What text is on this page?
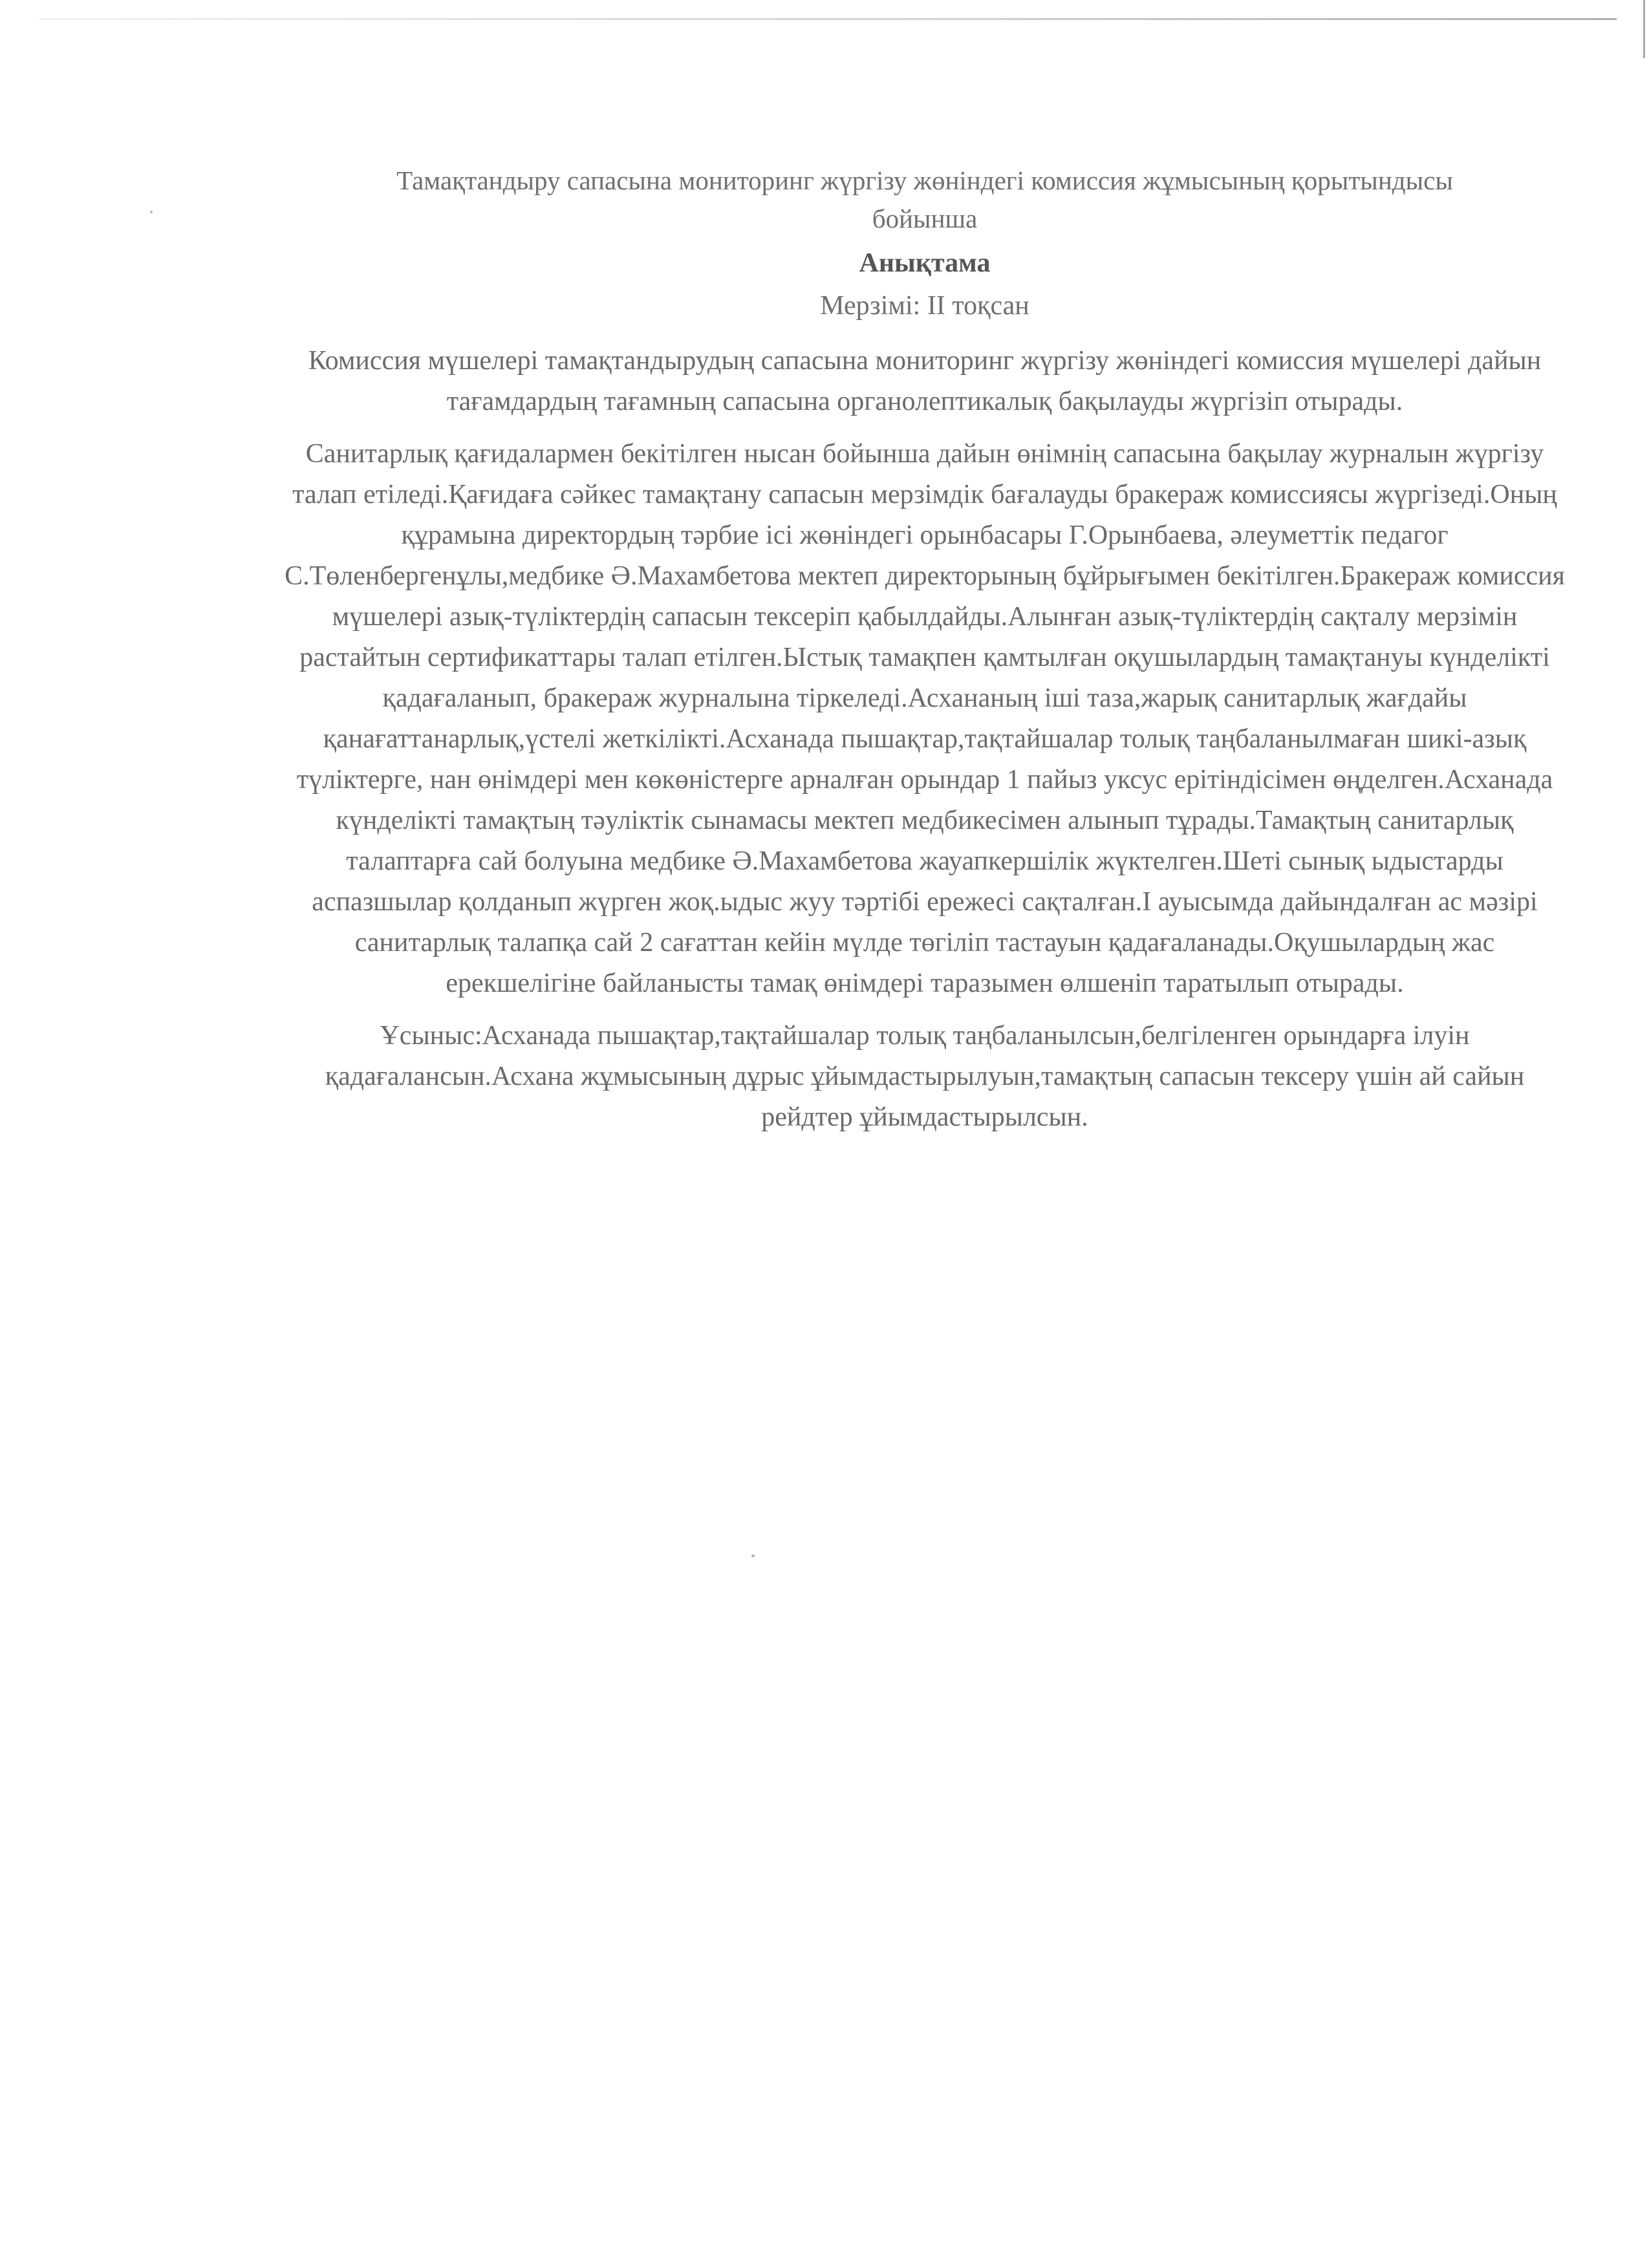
Тамақтандыру сапасына мониторинг жүргізу жөніндегі комиссия жұмысының қорытындысы бойынша
Анықтама
Мерзімі: II тоқсан
Комиссия мүшелері тамақтандырудың сапасына мониторинг жүргізу жөніндегі комиссия мүшелері дайын тағамдардың тағамның сапасына органолептикалық бақылауды жүргізіп отырады.
Санитарлық қағидалармен бекітілген нысан бойынша дайын өнімнің сапасына бақылау журналын жүргізу талап етіледі.Қағидаға сәйкес тамақтану сапасын мерзімдік бағалауды бракераж комиссиясы жүргізеді.Оның құрамына директордың тәрбие ісі жөніндегі орынбасары Г.Орынбаева, әлеуметтік педагог С.Төленбергенұлы,медбике Ә.Махамбетова мектеп директорының бұйрығымен бекітілген.Бракераж комиссия мүшелері азық-түліктердің сапасын тексеріп қабылдайды.Алынған азық-түліктердің сақталу мерзімін растайтын сертификаттары талап етілген.Ыстық тамақпен қамтылған оқушылардың тамақтануы күнделікті қадағаланып, бракераж журналына тіркеледі.Асхананың іші таза,жарық санитарлық жағдайы қанағаттанарлық,үстелі жеткілікті.Асханада пышақтар,тақтайшалар толық таңбаланылмаған шикі-азық түліктерге, нан өнімдері мен көкөністерге арналған орындар 1 пайыз уксус ерітіндісімен өңделген.Асханада күнделікті тамақтың тәуліктік сынамасы мектеп медбикесімен алынып тұрады.Тамақтың санитарлық талаптарға сай болуына медбике Ә.Махамбетова жауапкершілік жүктелген.Шеті сынық ыдыстарды аспазшылар қолданып жүрген жоқ.ыдыс жуу тәртібі ережесі сақталған.I ауысымда дайындалған ас мәзірі санитарлық талапқа сай 2 сағаттан кейін мүлде төгіліп тастауын қадағаланады.Оқушылардың жас ерекшелігіне байланысты тамақ өнімдері таразымен өлшеніп таратылып отырады.
Ұсыныс:Асханада пышақтар,тақтайшалар толық таңбаланылсын,белгіленген орындарға ілуін қадағалансын.Асхана жұмысының дұрыс ұйымдастырылуын,тамақтың сапасын тексеру үшін ай сайын рейдтер ұйымдастырылсын.
